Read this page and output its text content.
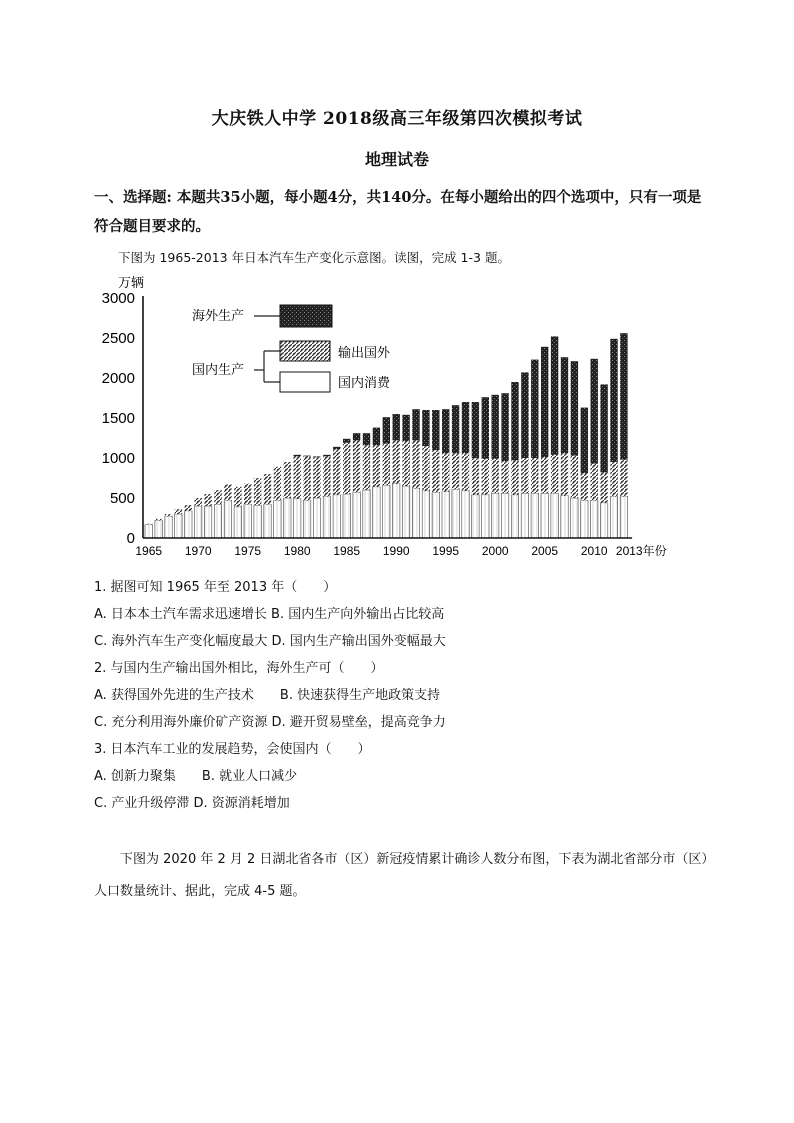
大庆铁人中学 2018级高三年级第四次模拟考试
地理试卷
一、选择题: 本题共35小题，每小题4分，共140分。在每小题给出的四个选项中，只有一项是符合题目要求的。
下图为 1965-2013 年日本汽车生产变化示意图。读图，完成 1-3 题。
0
500
1000
1500
2000
2500
3000
1965 1970 1975 1980 1985 1990 1995 2000 2005 2010 2013年份
海外生产
国内生产
输出国外
国内消费
万辆
1. 据图可知 1965 年至 2013 年（　　）
A. 日本本土汽车需求迅速增长 B. 国内生产向外输出占比较高
C. 海外汽车生产变化幅度最大 D. 国内生产输出国外变幅最大
2. 与国内生产输出国外相比，海外生产可（　　）
A. 获得国外先进的生产技术　　B. 快速获得生产地政策支持
C. 充分利用海外廉价矿产资源 D. 避开贸易壁垒，提高竞争力
3. 日本汽车工业的发展趋势，会使国内（　　）
A. 创新力聚集　　B. 就业人口减少
C. 产业升级停滞 D. 资源消耗增加
下图为 2020 年 2 月 2 日湖北省各市（区）新冠疫情累计确诊人数分布图，下表为湖北省部分市（区）人口数量统计、据此，完成 4-5 题。
